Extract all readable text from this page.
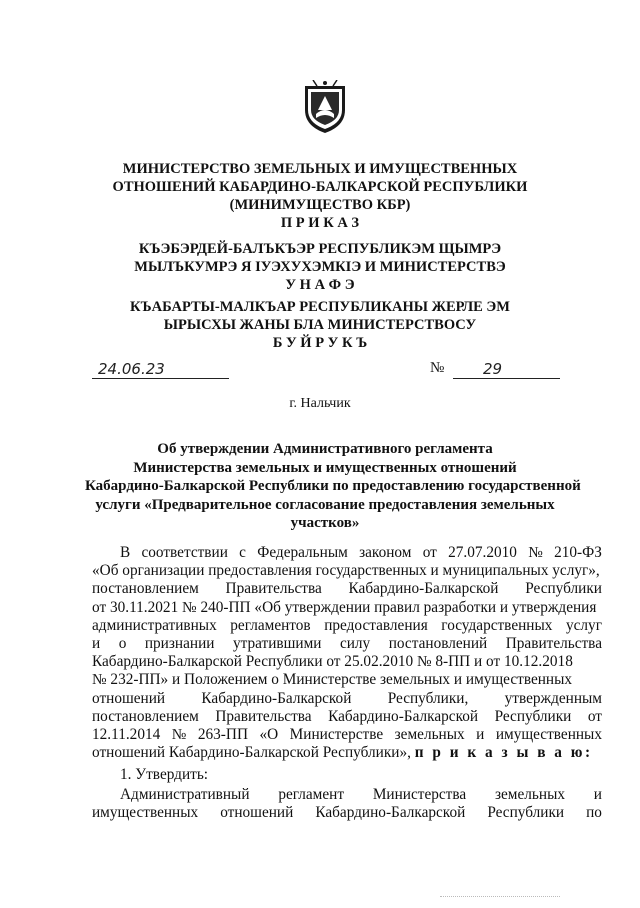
МИНИСТЕРСТВО ЗЕМЕЛЬНЫХ И ИМУЩЕСТВЕННЫХ
ОТНОШЕНИЙ КАБАРДИНО-БАЛКАРСКОЙ РЕСПУБЛИКИ
(МИНИМУЩЕСТВО КБР)
П Р И К А З
КЪЭБЭРДЕЙ-БАЛЪКЪЭР РЕСПУБЛИКЭМ ЩЫМРЭ
МЫЛЪКУМРЭ Я IУЭХУХЭМКIЭ И МИНИСТЕРСТВЭ
У Н А Ф Э
КЪАБАРТЫ-МАЛКЪАР РЕСПУБЛИКАНЫ ЖЕРЛЕ ЭМ
ЫРЫСХЫ ЖАНЫ БЛА МИНИСТЕРСТВОСУ
Б У Й Р У К Ъ
24.06.23	№	29
г. Нальчик
Об утверждении Административного регламента
Министерства земельных и имущественных отношений
Кабардино-Балкарской Республики по предоставлению государственной
услуги «Предварительное согласование предоставления земельных
участков»
В соответствии с Федеральным законом от 27.07.2010 № 210-ФЗ
«Об организации предоставления государственных и муниципальных услуг»,
постановлением Правительства Кабардино-Балкарской Республики
от 30.11.2021 № 240-ПП «Об утверждении правил разработки и утверждения
административных регламентов предоставления государственных услуг
и о признании утратившими силу постановлений Правительства
Кабардино-Балкарской Республики от 25.02.2010 № 8-ПП и от 10.12.2018
№ 232-ПП» и Положением о Министерстве земельных и имущественных
отношений Кабардино-Балкарской Республики, утвержденным
постановлением Правительства Кабардино-Балкарской Республики от
12.11.2014 № 263-ПП «О Министерстве земельных и имущественных
отношений Кабардино-Балкарской Республики», п р и к а з ы в а ю:
1. Утвердить:
Административный регламент Министерства земельных и
имущественных отношений Кабардино-Балкарской Республики по
